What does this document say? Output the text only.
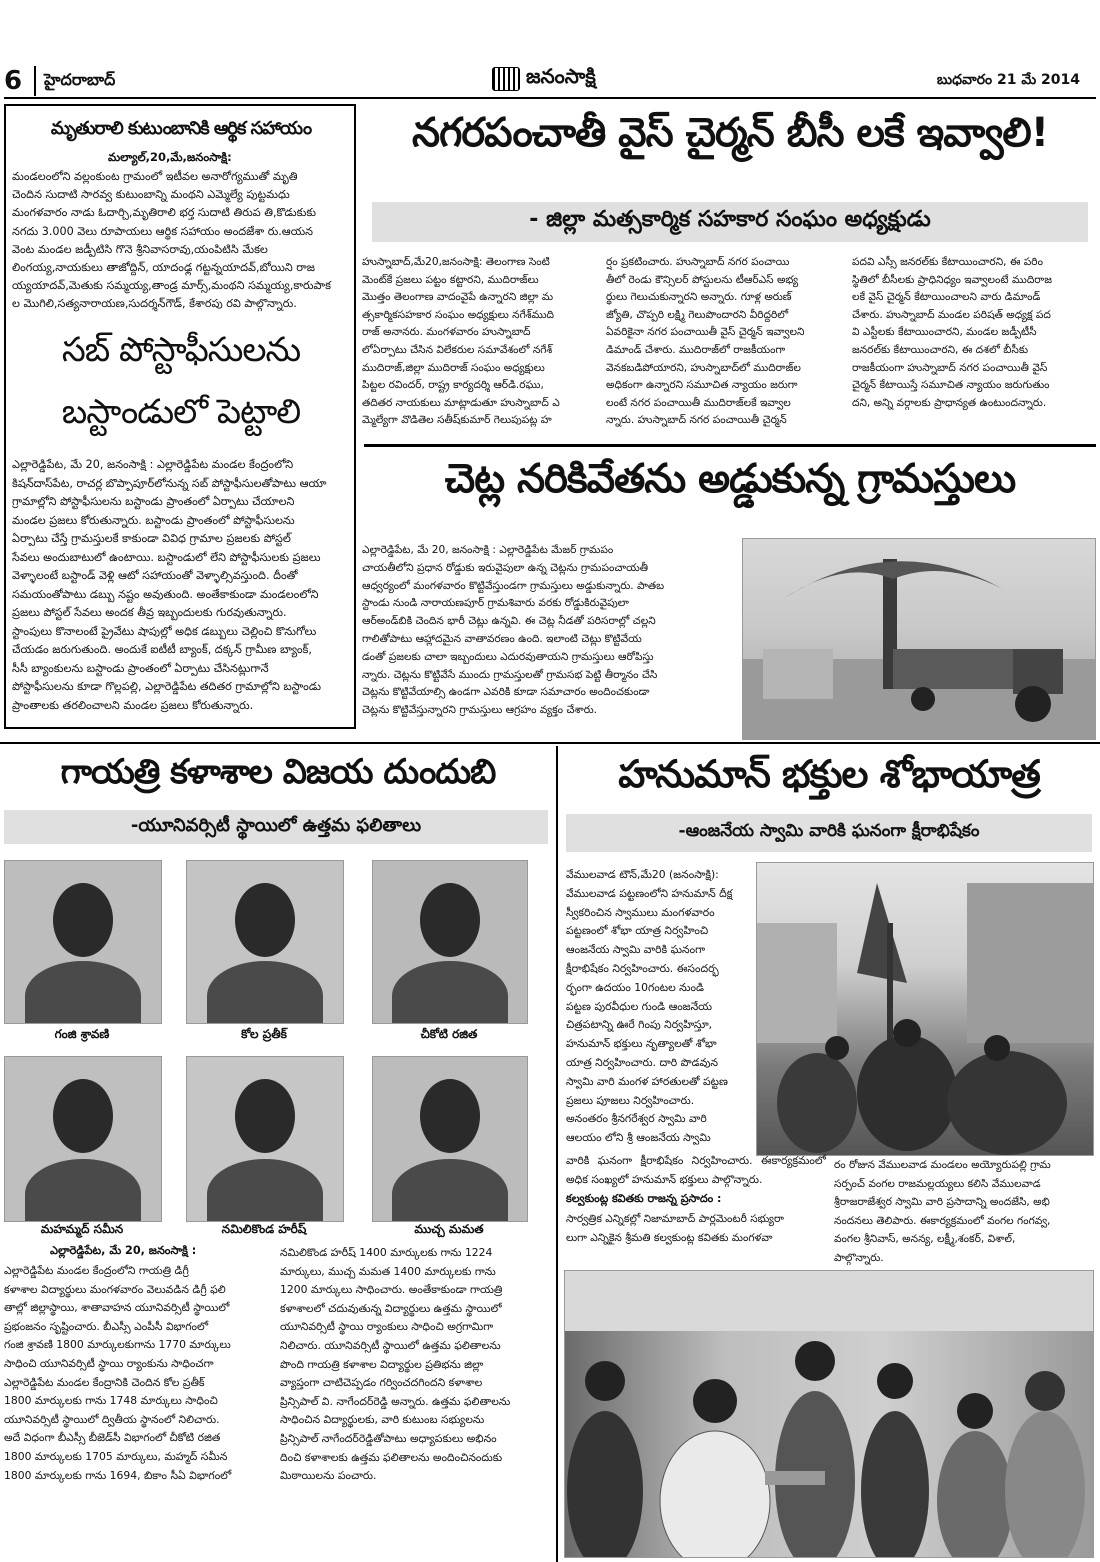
6	హైదరాబాద్	జనంసాక్షి	బుధవారం 21 మే 2014
మృతురాలి కుటుంబానికి ఆర్థిక సహాయం
మల్యాల్,20,మే,జనంసాక్షి:
మండలంలోని వల్లంకుంట గ్రామంలో ఇటీవల అనారోగ్యముతో మృతి
చెందిన సుదాటి సారవ్వ కుటుంబాన్ని మంథని ఎమ్మెల్యే పుట్టమధు
మంగళవారం నాడు ఓదార్చి,మృతిరాలి భర్త సుదాటి తిరుప తి,కొడుకుకు
నగదు 3.000 వెలు రూపాయలు ఆర్థిక సహాయం అందజేశా రు.ఆయన
వెంట మండల జడ్పీటిసి గొనె శ్రీనివాసరావు,యంపిటిసి మేకల
లింగయ్య,నాయకులు తాజోద్దిన్, యాదంఢ్ల గట్టన్నయాదవ్,బోయిని రాజ
య్యయాదవ్,మెతుకు సమ్మయ్య,తాండ్ర మార్స్,మంథని సమ్మయ్య,కారుపాక
ల మొగిలి,సత్యనారాయణ,సుదర్శన్‌గౌడ్, కేశారపు రవి పాల్గొన్నారు.
సబ్ పోస్టాఫీసులను
బస్టాండులో పెట్టాలి
ఎల్లారెడ్డిపేట, మే 20, జనంసాక్షి : ఎల్లారెడ్డిపేట మండల కేంద్రంలోని
కిషన్‌దాస్‌పేట, రాచర్ల బొప్పాపూర్‌లోనున్న సబ్ పోస్టాఫీసులతోపాటు ఆయా
గ్రామాల్లోని పోస్టాఫీసులను బస్టాండు ప్రాంతంలో ఏర్పాటు చేయాలని
మండల ప్రజలు కోరుతున్నారు. బస్టాండు ప్రాంతంలో పోస్టాఫీసులను
ఏర్పాటు చేస్తే గ్రామస్తులకే కాకుండా వివిధ గ్రామాల ప్రజలకు పోస్టల్
సేవలు అందుబాటులో ఉంటాయి. బస్టాండులో లేని పోస్టాఫీసులకు ప్రజలు
వెళ్ళాలంటే బస్టాండ్ వెళ్లి ఆటో సహాయంతో వెళ్ళాల్సివస్తుంది. దీంతో
సమయంతోపాటు డబ్బు నష్టం అవుతుంది. అంతేకాకుండా మండలంలోని
ప్రజలు పోస్టల్ సేవలు అందక తీవ్ర ఇబ్బందులకు గురవుతున్నారు.
స్టాంపులు కొనాలంటే ప్రైవేటు షాపుల్లో అధిక డబ్బులు చెల్లించి కొనుగోలు
చేయడం జరుగుతుంది. అందుకే ఐటీటీ బ్యాంక్, దక్కన్ గ్రామీణ బ్యాంక్,
సీసీ బ్యాంకులను బస్టాండు ప్రాంతంలో ఏర్పాటు చేసినట్లుగానే
పోస్టాఫీసులను కూడా గొల్లపల్లి, ఎల్లారెడ్డిపేట తదితర గ్రామాల్లోని బస్టాండు
ప్రాంతాలకు తరలించాలని మండల ప్రజలు కోరుతున్నారు.
నగరపంచాతీ వైస్ చైర్మన్ బీసీ లకే ఇవ్వాలి!
- జిల్లా మత్సకార్మిక సహకార సంఘం అధ్యక్షుడు
హుస్నాబాద్,మే20,జనంసాక్షి: తెలంగాణ సెంటి
మెంట్‌కే ప్రజలు పట్టం కట్టారని, ముదిరాజ్‌లు
మొత్తం తెలంగాణ వాదంవైపే ఉన్నారని జిల్లా మ
త్సకార్మికసహకార సంఘం అధ్యక్షులు నగేశ్‌ముది
రాజ్ అనానరు. మంగళవారం హుస్నాబాద్
లోఏర్పాటు చేసిన విలేకరుల సమావేశంలో నగేశ్
ముదిరాజ్,జిల్లా ముదిరాజ్ సంఘం అధ్యక్షులు
పిట్టల రవిందర్, రాష్ట్ర కార్యదర్శి ఆర్‌డి.రఘు,
తదితర నాయకులు మాట్లాడుతూ హుస్నాబాద్ ఎ
మ్మెల్యేగా వొడితెల సతీష్‌కుమార్ గెలుపుపట్ల హ
ర్షం ప్రకటించారు. హుస్నాబాద్ నగర పంచాయి
తీలో రెండు కౌన్సిలర్ పోస్టులను టీఆర్ఎస్ అభ్య
ర్థులు గెలుచుకున్నారని అన్నారు. గూళ్ల అరుణ్
జ్యోతి, చొప్పరి లక్ష్మి గెలుపొందారని వీరిద్దరిలో
ఏవరికైనా నగర పంచాయితీ వైస్ చైర్మన్ ఇవ్వాలని
డిమాండ్ చేశారు. ముదిరాజ్‌లో రాజకీయంగా
వెనకబడిపోయారని, హుస్నాబాద్‌లో ముదిరాజ్‌ల
అధికంగా ఉన్నారని సమూచిత న్యాయం జరుగా
లంటే నగర పంచాయితీ ముదిరాజ్‌లకే ఇవ్వాల
న్నారు. హుస్నాబాద్ నగర పంచాయితీ చైర్మన్
పదవి ఎస్సీ జనరల్‌కు కేటాయించారని, ఈ పరిం
స్థితిలో బీసీలకు ప్రాధినిధ్యం ఇవ్వాలంటే ముదిరాజ
లకే వైస్ చైర్మన్ కేటాయించాలని వారు డిమాండ్
చేశారు. హుస్నాబాద్ మండల పరిషత్ అధ్యక్ష పద
వి ఎస్టీలకు కేటాయించారని, మండల జడ్పీటీసీ
జనరల్‌కు కేటాయించారని, ఈ దశలో బీసీకు
రాజకీయంగా హుస్నాబాద్ నగర పంచాయితీ వైస్
చైర్మన్ కేటాయిస్తే సమూచిత న్యాయం జరుగుతుం
దని, అన్ని వర్గాలకు ప్రాధాన్యత ఉంటుందన్నారు.
చెట్ల నరికివేతను అడ్డుకున్న గ్రామస్తులు
ఎల్లారెడ్డిపేట, మే 20, జనంసాక్షి : ఎల్లారెడ్డిపేట మేజర్ గ్రామపం
చాయతీలోని ప్రధాన రోడ్డుకు ఇరువైపులా ఉన్న చెట్లను గ్రామపంచాయతీ
ఆధ్వర్యంలో మంగళవారం కొట్టివేస్తుండగా గ్రామస్తులు అడ్డుకున్నారు. పాతబ
స్టాండు నుండి నారాయణపూర్ గ్రామశివారు వరకు రోడ్డుకిరువైపులా
ఆర్‌అండ్‌బికి చెందిన భారీ చెట్లు ఉన్నవి. ఈ చెట్ల నీడతో పరిసరాల్లో చల్లని
గాలితోపాటు ఆహ్లాదమైన వాతావరణం ఉంది. ఇలాంటి చెట్లు కొట్టివేయ
డంతో ప్రజలకు చాలా ఇబ్బందులు ఎదురవుతాయని గ్రామస్తులు ఆరోపిస్తు
న్నారు. చెట్లను కొట్టివేసే ముందు గ్రామస్తులతో గ్రామసభ పెట్టి తీర్మానం చేసి
చెట్లను కొట్టివేయాల్సి ఉండగా ఎవరికి కూడా సమాచారం అందించకుండా
చెట్లను కొట్టివేస్తున్నారని గ్రామస్తులు ఆగ్రహం వ్యక్తం చేశారు.
గాయత్రి కళాశాల విజయ దుందుబి
-యూనివర్సిటీ స్థాయిలో ఉత్తమ ఫలితాలు
గంజి శ్రావణి	కోల ప్రతీక్	చీకోటి రజిత
మహమ్మద్ సమీన	నమిలికొండ హరీష్	ముచ్చ మమత
ఎల్లారెడ్డిపేట, మే 20, జనంసాక్షి :
ఎల్లారెడ్డిపేట మండల కేంద్రంలోని గాయత్రి డిగ్రీ
కళాశాల విద్యార్థులు మంగళవారం వెలువడిన డిగ్రీ ఫలి
తాల్లో జిల్లాస్థాయి, శాతావాహన యూనివర్సిటీ స్థాయిలో
ప్రభంజనం సృష్టించారు. బీఎస్సీ ఎంపీసీ విభాగంలో
గంజి శ్రావణి 1800 మార్కులకుగాను 1770 మార్కులు
సాధించి యూనివర్సిటీ స్థాయి ర్యాంకును సాధించగా
ఎల్లారెడ్డిపేట మండల కేంద్రానికి చెందిన కోల ప్రతీక్
1800 మార్కులకు గాను 1748 మార్కులు సాధించి
యూనివర్సిటీ స్థాయిలో ద్వితీయ స్థానంలో నిలిచారు.
అదే విధంగా బీఎస్సీ బీజెడ్‌సీ విభాగంలో చీకోటి రజిత
1800 మార్కులకు 1705 మార్కులు, మహ్మద్ సమీన
1800 మార్కులకు గాను 1694, బికాం సీఏ విభాగంలో
నమిలికొండ హరీష్ 1400 మార్కులకు గాను 1224
మార్కులు, ముచ్చ మమత 1400 మార్కులకు గాను
1200 మార్కులు సాధించారు. అంతేకాకుండా గాయత్రి
కళాశాలలో చదువుతున్న విద్యార్థులు ఉత్తమ స్థాయిలో
యూనివర్సిటీ స్థాయి ర్యాంకులు సాధించి అగ్రగామిగా
నిలిచారు. యూనివర్సిటీ స్థాయిలో ఉత్తమ ఫలితాలను
పొంది గాయత్రి కళాశాల విద్యార్థుల ప్రతిభను జిల్లా
వ్యాప్తంగా చాటిచెప్పడం గర్వించదగిందని కళాశాల
ప్రిన్సిపాల్ వి. నాగేందర్‌రెడ్డి అన్నారు. ఉత్తమ ఫలితాలను
సాధించిన విద్యార్థులకు, వారి కుటుంబ సభ్యులను
ప్రిన్సిపాల్ నాగేందర్‌రెడ్డితోపాటు అధ్యాపకులు అభినం
దించి కళాశాలకు ఉత్తమ ఫలితాలను అందించినందుకు
మిఠాయిలను పంచారు.
హనుమాన్ భక్తుల శోభాయాత్ర
-ఆంజనేయ స్వామి వారికి ఘనంగా క్షీరాభిషేకం
వేములవాడ టౌన్,మే20 (జనంసాక్షి):
వేములవాడ పట్టణంలోని హనుమాన్ దీక్ష
స్వీకరించిన స్వాములు మంగళవారం
పట్టణంలో శోభా యాత్ర నిర్వహించి
ఆంజనేయ స్వామి వారికి ఘనంగా
క్షీరాభిషేకం నిర్వహించారు. ఈసందర్భ
ర్భంగా ఉదయం 10గంటల నుండి
పట్టణ పురవీధుల గుండి ఆంజనేయ
చిత్రపటాన్ని ఊరే గింపు నిర్వహిస్తూ,
హనుమాన్ భక్తులు నృత్యాలతో శోభా
యాత్ర నిర్వహించారు. దారి పొడవున
స్వామి వారి మంగళ హారతులతో పట్టణ
ప్రజలు పూజలు నిర్వహించారు.
అనంతరం శ్రీనగరేశ్వర స్వామి వారి
ఆలయం లోని శ్రీ ఆంజనేయ స్వామి
వారికి ఘనంగా క్షీరాభిషేకం నిర్వహించారు. ఈకార్యక్రమంలో అధిక సంఖ్యలో హనుమాన్ భక్తులు పాల్గొన్నారు.
కల్వకుంట్ల కవితకు రాజన్న ప్రసాదం :
సార్వత్రిక ఎన్నికల్లో నిజామాబాద్ పార్లమెంటరీ సభ్యురా
లుగా ఎన్నికైన శ్రీమతి కల్వకుంట్ల కవితకు మంగళవా
రం రోజున వేములవాడ మండలం అయ్యోరుపల్లి గ్రామ
సర్పంచ్ వంగల రాజమల్లయ్యలు కలిసి వేములవాడ
శ్రీరాజరాజేశ్వర స్వామి వారి ప్రసాదాన్ని అందజేసి, అభి
నందనలు తెలిపారు. ఈకార్యక్రమంలో వంగల గంగవ్వ,
వంగల శ్రీనివాస్, అనన్య, లక్ష్మీ,శంకర్, విశాల్,
పాల్గొన్నారు.
